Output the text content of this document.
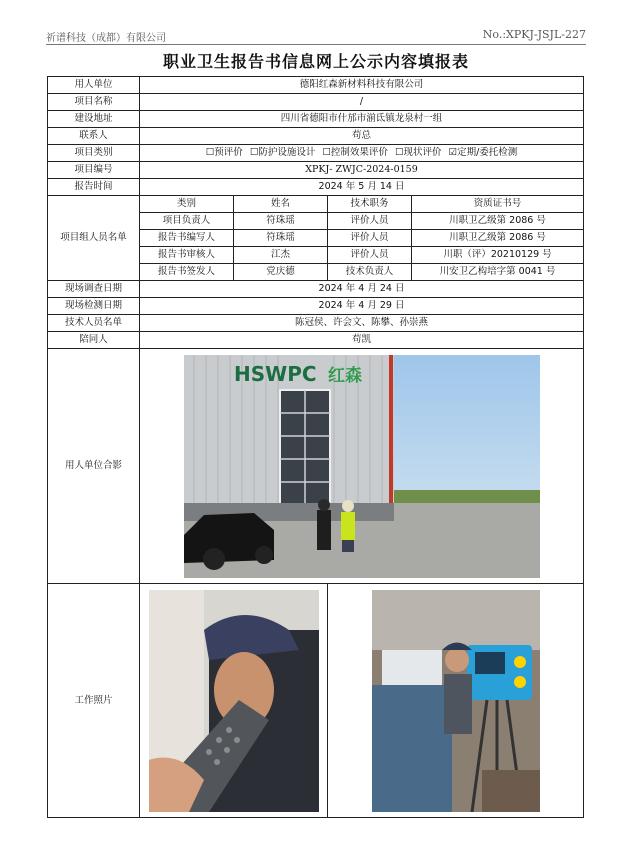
祈谱科技（成都）有限公司	No.:XPKJ-JSJL-227
职业卫生报告书信息网上公示内容填报表
用人单位	德阳红森新材料科技有限公司			
项目名称	/			
建设地址	四川省德阳市什邡市湔氐镇龙泉村一组			
联系人	苟总			
项目类别	☐预评价 ☐防护设施设计 ☐控制效果评价 ☐现状评价 ☑定期/委托检测			
项目编号	XPKJ- ZWJC-2024-0159			
报告时间	2024 年 5 月 14 日			
项目组人员名单	类别	姓名	技术职务	资质证书号
	项目负责人	符珠瑶	评价人员	川职卫乙级第 2086 号
	报告书编写人	符珠瑶	评价人员	川职卫乙级第 2086 号
	报告书审核人	江杰	评价人员	川职（评）20210129 号
	报告书签发人	党庆德	技术负责人	川安卫乙构培字第 0041 号
现场调查日期	2024 年 4 月 24 日			
现场检测日期	2024 年 4 月 29 日			
技术人员名单	陈冠侯、许会文、陈攀、孙崇燕			
陪同人	苟凯			
用人单位合影	HSWPC 红森			

工作照片	
